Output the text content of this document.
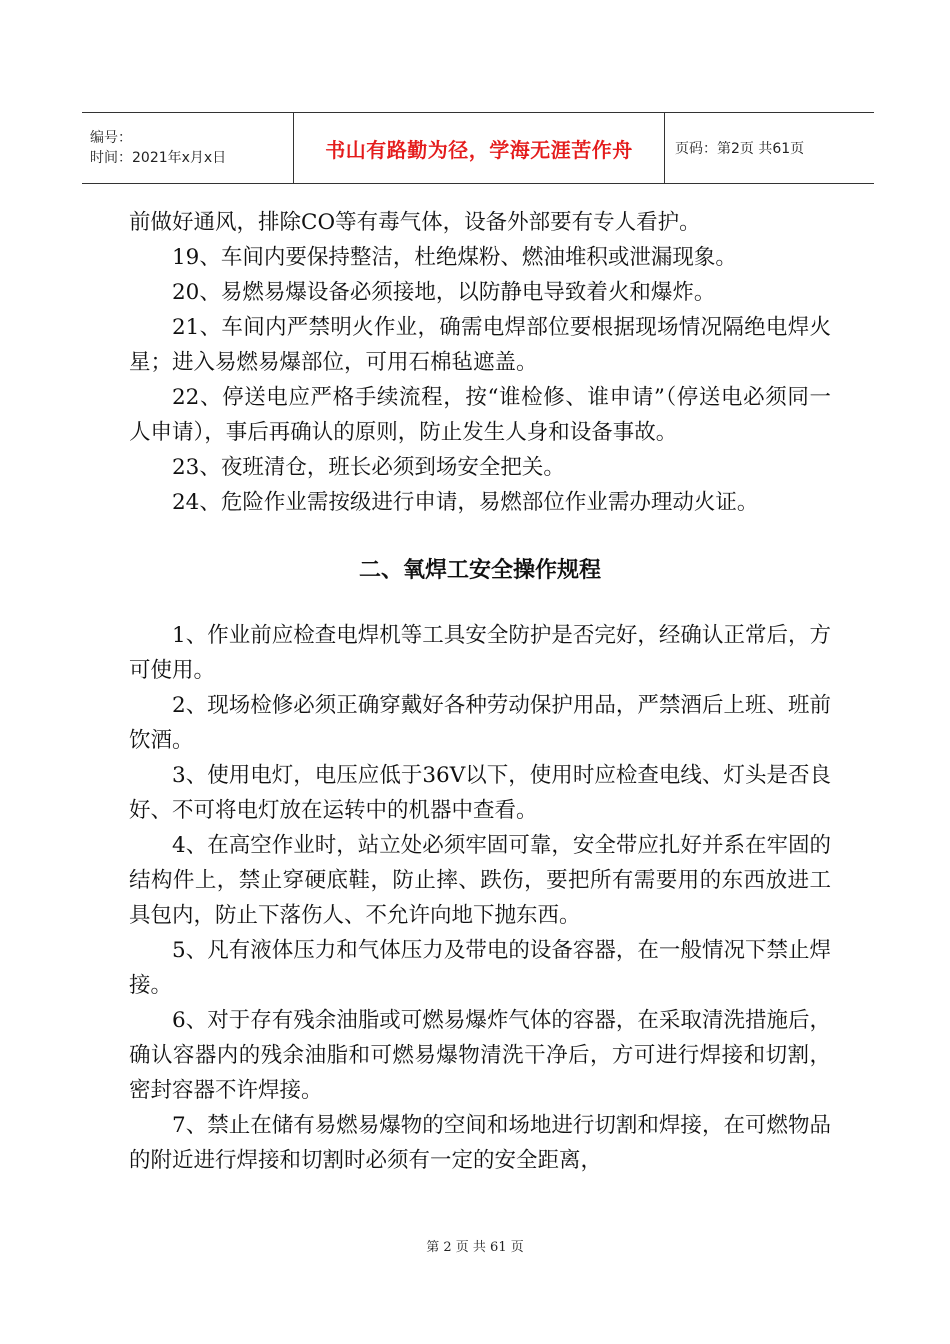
编号：
时间：2021年x月x日	书山有路勤为径，学海无涯苦作舟	页码：第2页 共61页

前做好通风，排除CO等有毒气体，设备外部要有专人看护。

19、车间内要保持整洁，杜绝煤粉、燃油堆积或泄漏现象。

20、易燃易爆设备必须接地，以防静电导致着火和爆炸。

21、车间内严禁明火作业，确需电焊部位要根据现场情况隔绝电焊火星；进入易燃易爆部位，可用石棉毡遮盖。

22、停送电应严格手续流程，按“谁检修、谁申请”（停送电必须同一人申请），事后再确认的原则，防止发生人身和设备事故。

23、夜班清仓，班长必须到场安全把关。

24、危险作业需按级进行申请，易燃部位作业需办理动火证。

二、氧焊工安全操作规程

1、作业前应检查电焊机等工具安全防护是否完好，经确认正常后，方可使用。

2、现场检修必须正确穿戴好各种劳动保护用品，严禁酒后上班、班前饮酒。

3、使用电灯，电压应低于36V以下，使用时应检查电线、灯头是否良好、不可将电灯放在运转中的机器中查看。

4、在高空作业时，站立处必须牢固可靠，安全带应扎好并系在牢固的结构件上，禁止穿硬底鞋，防止摔、跌伤，要把所有需要用的东西放进工具包内，防止下落伤人、不允许向地下抛东西。

5、凡有液体压力和气体压力及带电的设备容器，在一般情况下禁止焊接。

6、对于存有残余油脂或可燃易爆炸气体的容器，在采取清洗措施后，确认容器内的残余油脂和可燃易爆物清洗干净后，方可进行焊接和切割，密封容器不许焊接。

7、禁止在储有易燃易爆物的空间和场地进行切割和焊接，在可燃物品的附近进行焊接和切割时必须有一定的安全距离，

第 2 页 共 61 页
